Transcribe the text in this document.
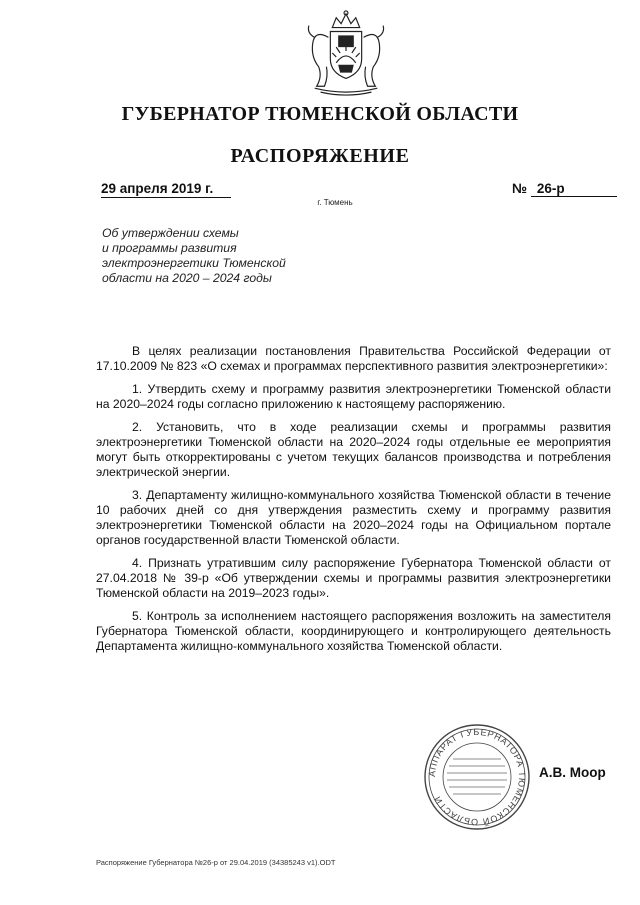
ГУБЕРНАТОР ТЮМЕНСКОЙ ОБЛАСТИ
РАСПОРЯЖЕНИЕ
29 апреля 2019 г.	№ 26-р
г. Тюмень
Об утверждении схемы
и программы развития
электроэнергетики Тюменской
области на 2020 – 2024 годы

В целях реализации постановления Правительства Российской Федерации от 17.10.2009 № 823 «О схемах и программах перспективного развития электроэнергетики»:

1. Утвердить схему и программу развития электроэнергетики Тюменской области на 2020–2024 годы согласно приложению к настоящему распоряжению.

2. Установить, что в ходе реализации схемы и программы развития электроэнергетики Тюменской области на 2020–2024 годы отдельные ее мероприятия могут быть откорректированы с учетом текущих балансов производства и потребления электрической энергии.

3. Департаменту жилищно-коммунального хозяйства Тюменской области в течение 10 рабочих дней со дня утверждения разместить схему и программу развития электроэнергетики Тюменской области на 2020–2024 годы на Официальном портале органов государственной власти Тюменской области.

4. Признать утратившим силу распоряжение Губернатора Тюменской области от 27.04.2018 № 39-р «Об утверждении схемы и программы развития электроэнергетики Тюменской области на 2019–2023 годы».

5. Контроль за исполнением настоящего распоряжения возложить на заместителя Губернатора Тюменской области, координирующего и контролирующего деятельность Департамента жилищно-коммунального хозяйства Тюменской области.

АППАРАТ ГУБЕРНАТОРА ТЮМЕНСКОЙ ОБЛАСТИ
А.В. Моор
Распоряжение Губернатора №26-р от 29.04.2019 (34385243 v1).ODT
